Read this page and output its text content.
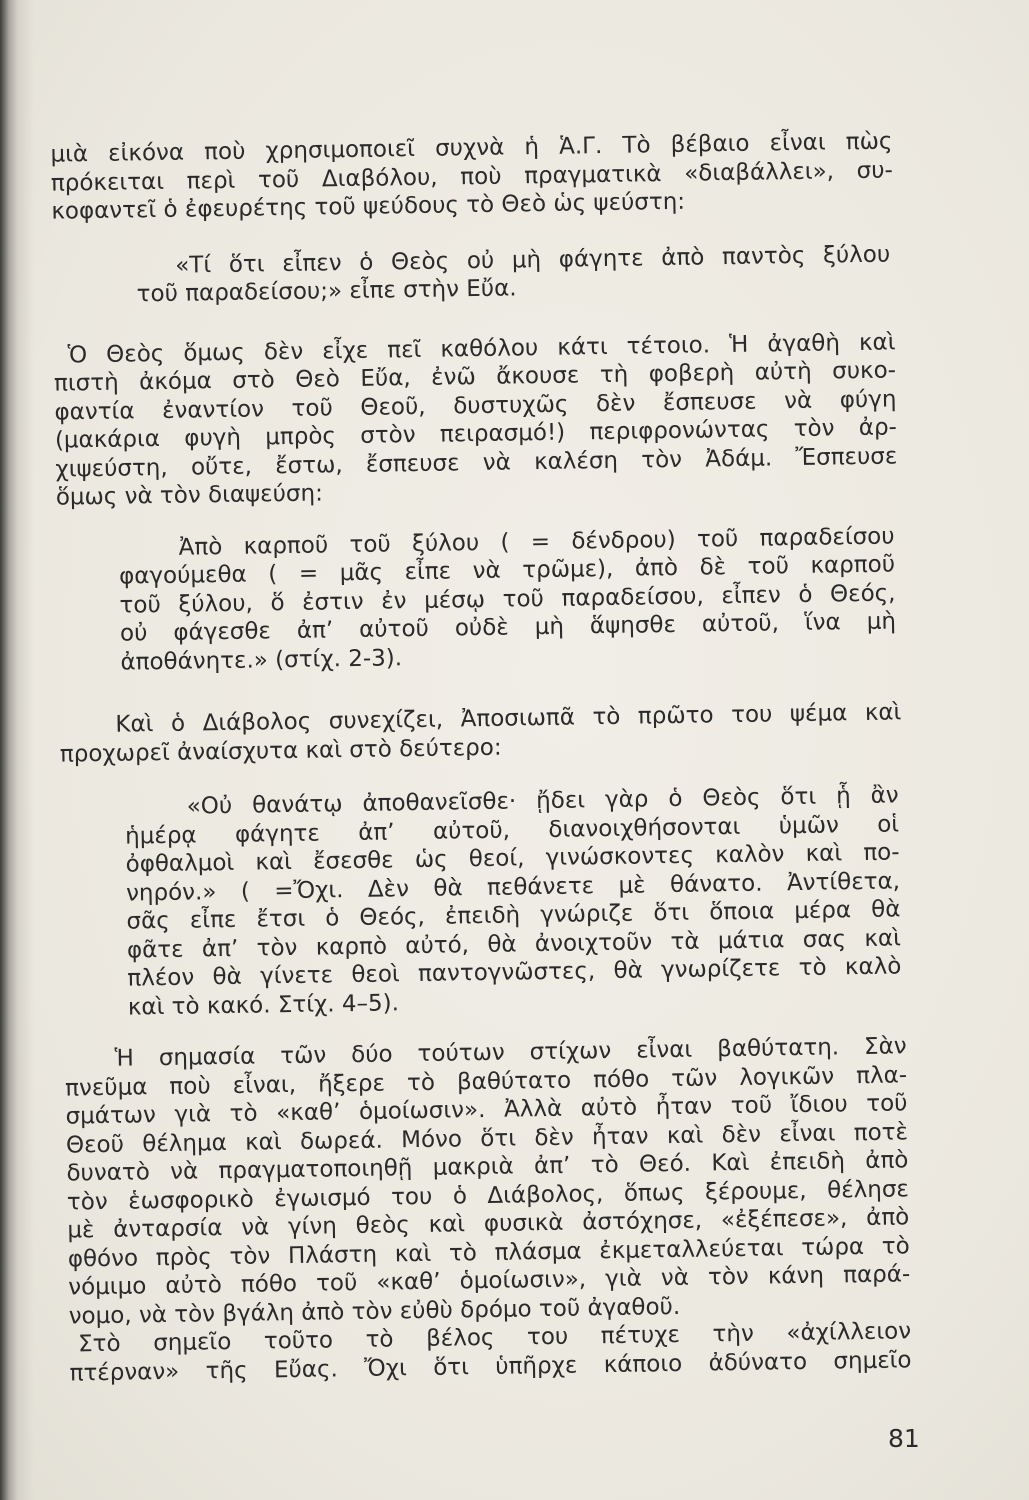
μιὰ εἰκόνα ποὺ χρησιμοποιεῖ συχνὰ ἡ Ἁ.Γ. Τὸ βέβαιο εἶναι πὼς
πρόκειται περὶ τοῦ Διαβόλου, ποὺ πραγματικὰ «διαβάλλει», συ-
κοφαντεῖ ὁ ἐφευρέτης τοῦ ψεύδους τὸ Θεὸ ὡς ψεύστη:
«Τί ὅτι εἶπεν ὁ Θεὸς οὐ μὴ φάγητε ἀπὸ παντὸς ξύλου
τοῦ παραδείσου;» εἶπε στὴν Εὔα.
Ὁ Θεὸς ὅμως δὲν εἶχε πεῖ καθόλου κάτι τέτοιο. Ἡ ἀγαθὴ καὶ
πιστὴ ἀκόμα στὸ Θεὸ Εὔα, ἐνῶ ἄκουσε τὴ φοβερὴ αὐτὴ συκο-
φαντία ἐναντίον τοῦ Θεοῦ, δυστυχῶς δὲν ἔσπευσε νὰ φύγη
(μακάρια φυγὴ μπρὸς στὸν πειρασμό!) περιφρονώντας τὸν ἀρ-
χιψεύστη, οὔτε, ἔστω, ἔσπευσε νὰ καλέση τὸν Ἀδάμ. Ἔσπευσε
ὅμως νὰ τὸν διαψεύση:
Ἀπὸ καρποῦ τοῦ ξύλου ( = δένδρου) τοῦ παραδείσου
φαγούμεθα ( = μᾶς εἶπε νὰ τρῶμε), ἀπὸ δὲ τοῦ καρποῦ
τοῦ ξύλου, ὅ ἐστιν ἐν μέσῳ τοῦ παραδείσου, εἶπεν ὁ Θεός,
οὐ φάγεσθε ἀπ’ αὐτοῦ οὐδὲ μὴ ἅψησθε αὐτοῦ, ἵνα μὴ
ἀποθάνητε.» (στίχ. 2-3).
Καὶ ὁ Διάβολος συνεχίζει, Ἀποσιωπᾶ τὸ πρῶτο του ψέμα καὶ
προχωρεῖ ἀναίσχυτα καὶ στὸ δεύτερο:
«Οὐ θανάτῳ ἀποθανεῖσθε· ᾔδει γὰρ ὁ Θεὸς ὅτι ᾗ ἂν
ἡμέρᾳ φάγητε ἀπ’ αὐτοῦ, διανοιχθήσονται ὑμῶν οἱ
ὀφθαλμοὶ καὶ ἔσεσθε ὡς θεοί, γινώσκοντες καλὸν καὶ πο-
νηρόν.» ( =Ὄχι. Δὲν θὰ πεθάνετε μὲ θάνατο. Ἀντίθετα,
σᾶς εἶπε ἔτσι ὁ Θεός, ἐπειδὴ γνώριζε ὅτι ὅποια μέρα θὰ
φᾶτε ἀπ’ τὸν καρπὸ αὐτό, θὰ ἀνοιχτοῦν τὰ μάτια σας καὶ
πλέον θὰ γίνετε θεοὶ παντογνῶστες, θὰ γνωρίζετε τὸ καλὸ
καὶ τὸ κακό. Στίχ. 4–5).
Ἡ σημασία τῶν δύο τούτων στίχων εἶναι βαθύτατη. Σὰν
πνεῦμα ποὺ εἶναι, ἤξερε τὸ βαθύτατο πόθο τῶν λογικῶν πλα-
σμάτων γιὰ τὸ «καθ’ ὁμοίωσιν». Ἀλλὰ αὐτὸ ἦταν τοῦ ἴδιου τοῦ
Θεοῦ θέλημα καὶ δωρεά. Μόνο ὅτι δὲν ἦταν καὶ δὲν εἶναι ποτὲ
δυνατὸ νὰ πραγματοποιηθῇ μακριὰ ἀπ’ τὸ Θεό. Καὶ ἐπειδὴ ἀπὸ
τὸν ἑωσφορικὸ ἐγωισμό του ὁ Διάβολος, ὅπως ξέρουμε, θέλησε
μὲ ἀνταρσία νὰ γίνη θεὸς καὶ φυσικὰ ἀστόχησε, «ἐξέπεσε», ἀπὸ
φθόνο πρὸς τὸν Πλάστη καὶ τὸ πλάσμα ἐκμεταλλεύεται τώρα τὸ
νόμιμο αὐτὸ πόθο τοῦ «καθ’ ὁμοίωσιν», γιὰ νὰ τὸν κάνη παρά-
νομο, νὰ τὸν βγάλη ἀπὸ τὸν εὐθὺ δρόμο τοῦ ἀγαθοῦ.
Στὸ σημεῖο τοῦτο τὸ βέλος του πέτυχε τὴν «ἀχίλλειον
πτέρναν» τῆς Εὔας. Ὄχι ὅτι ὑπῆρχε κάποιο ἀδύνατο σημεῖο
81
